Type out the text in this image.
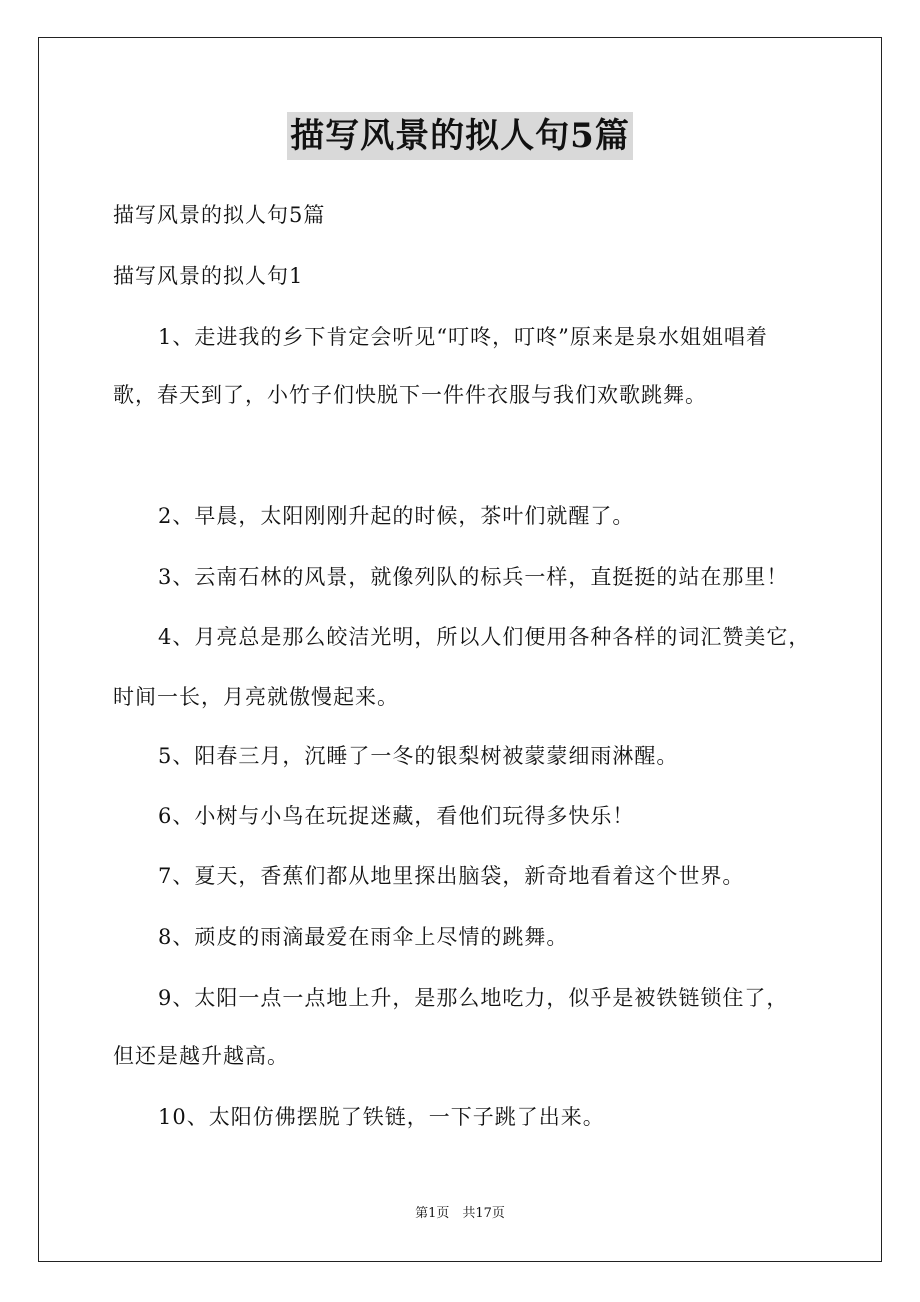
描写风景的拟人句5篇
描写风景的拟人句5篇
描写风景的拟人句1
1、走进我的乡下肯定会听见“叮咚，叮咚”原来是泉水姐姐唱着
歌，春天到了，小竹子们快脱下一件件衣服与我们欢歌跳舞。
2、早晨，太阳刚刚升起的时候，茶叶们就醒了。
3、云南石林的风景，就像列队的标兵一样，直挺挺的站在那里！
4、月亮总是那么皎洁光明，所以人们便用各种各样的词汇赞美它，
时间一长，月亮就傲慢起来。
5、阳春三月，沉睡了一冬的银梨树被蒙蒙细雨淋醒。
6、小树与小鸟在玩捉迷藏，看他们玩得多快乐！
7、夏天，香蕉们都从地里探出脑袋，新奇地看着这个世界。
8、顽皮的雨滴最爱在雨伞上尽情的跳舞。
9、太阳一点一点地上升，是那么地吃力，似乎是被铁链锁住了，
但还是越升越高。
10、太阳仿佛摆脱了铁链，一下子跳了出来。
第1页　共17页
